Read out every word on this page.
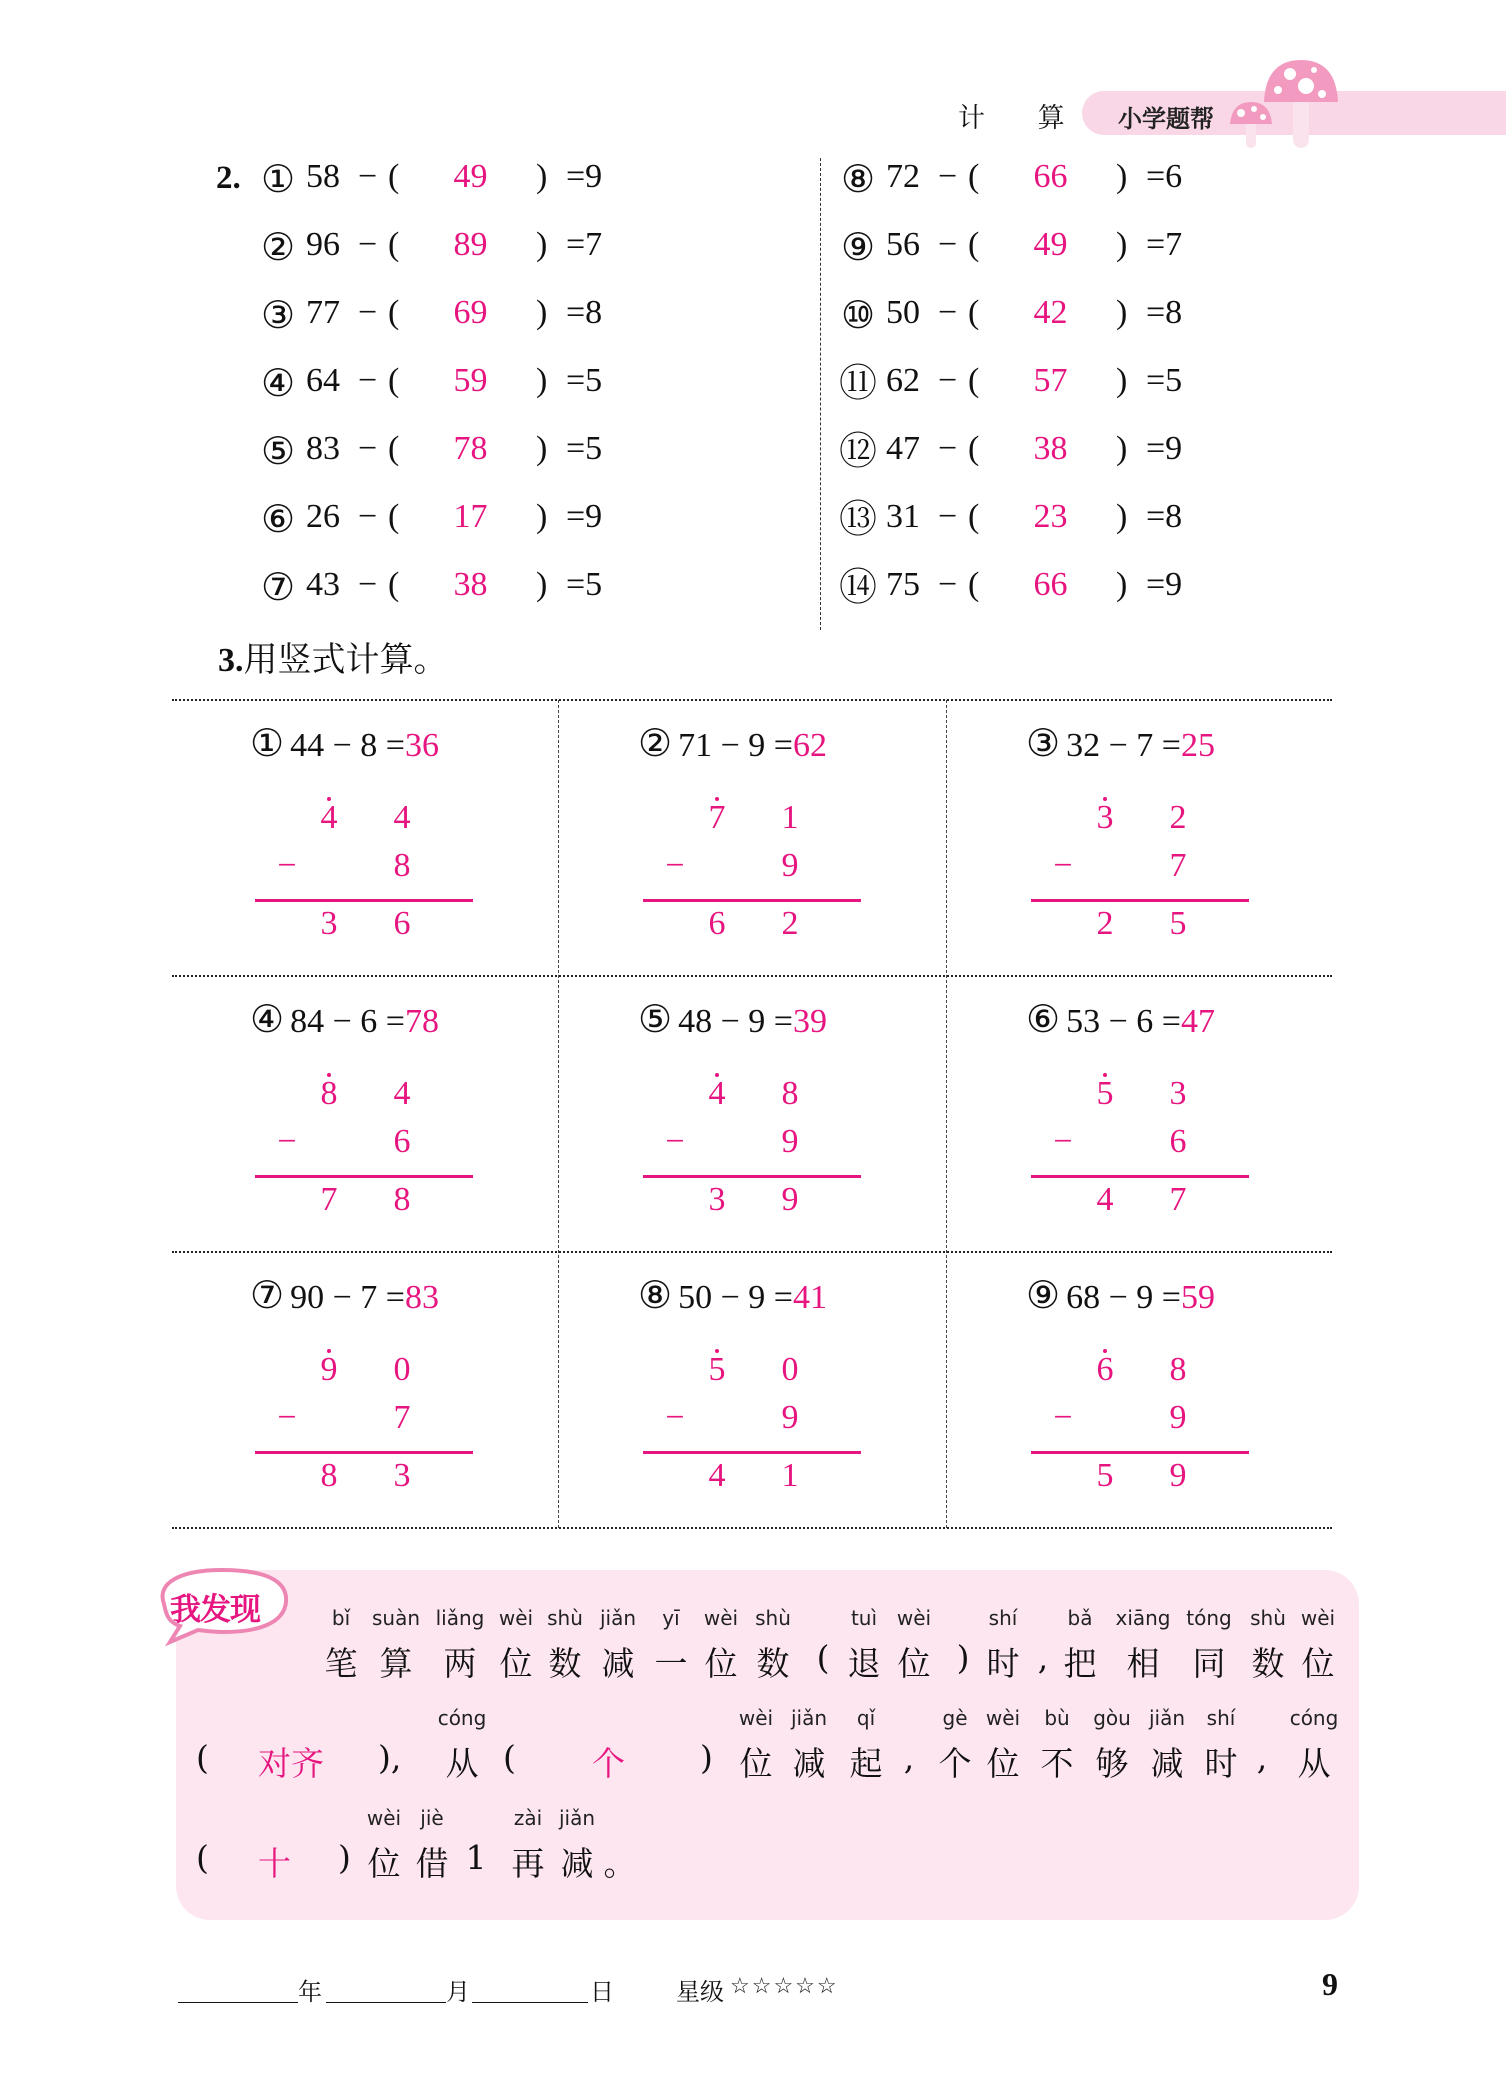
计 算 小学题帮
2. ① 58 − (	49	) =9
② 96 − (	89	) =7
③ 77 − (	69	) =8
④ 64 − (	59	) =5
⑤ 83 − (	78	) =5
⑥ 26 − (	17	) =9
⑦ 43 − (	38	) =5
⑧ 72 − (	66	) =6
⑨ 56 − (	49	) =7
⑩ 50 − (	42	) =8
⑪ 62 − (	57	) =5
⑫ 47 − (	38	) =9
⑬ 31 − (	23	) =8
⑭ 75 − (	66	) =9
3.用竖式计算。
① 44 − 8 =36
4 4
−	8
3 6
② 71 − 9 =62
7 1
−	9
6 2
③ 32 − 7 =25
3 2
−	7
2 5
④ 84 − 6 =78
8 4
−	6
7 8
⑤ 48 − 9 =39
4 8
−	9
3 9
⑥ 53 − 6 =47
5 3
−	6
4 7
⑦ 90 − 7 =83
9 0
−	7
8 3
⑧ 50 − 9 =41
5 0
−	9
4 1
⑨ 68 − 9 =59
6 8
−	9
5 9
我发现	bǐ
笔
suàn
算
liǎng
两
wèi
位
shù
数
jiǎn
减
yī
一
wèi
位
shù
数 (
tuì
退
wèi
位 )
shí
时 ,
bǎ
把
xiāng
相
tóng
同
shù
数
wèi
位
( 对齐 ),
cóng
从 ( 个 )
wèi
位
jiǎn
减
qǐ
起 ,
gè
个
wèi
位
bù
不
gòu
够
jiǎn
减
shí
时 ,
cóng
从
( 十 )
wèi
位
jiè
借 1
zài
再
jiǎn
减 。
年	月	日	星级 ☆☆☆☆☆	9
